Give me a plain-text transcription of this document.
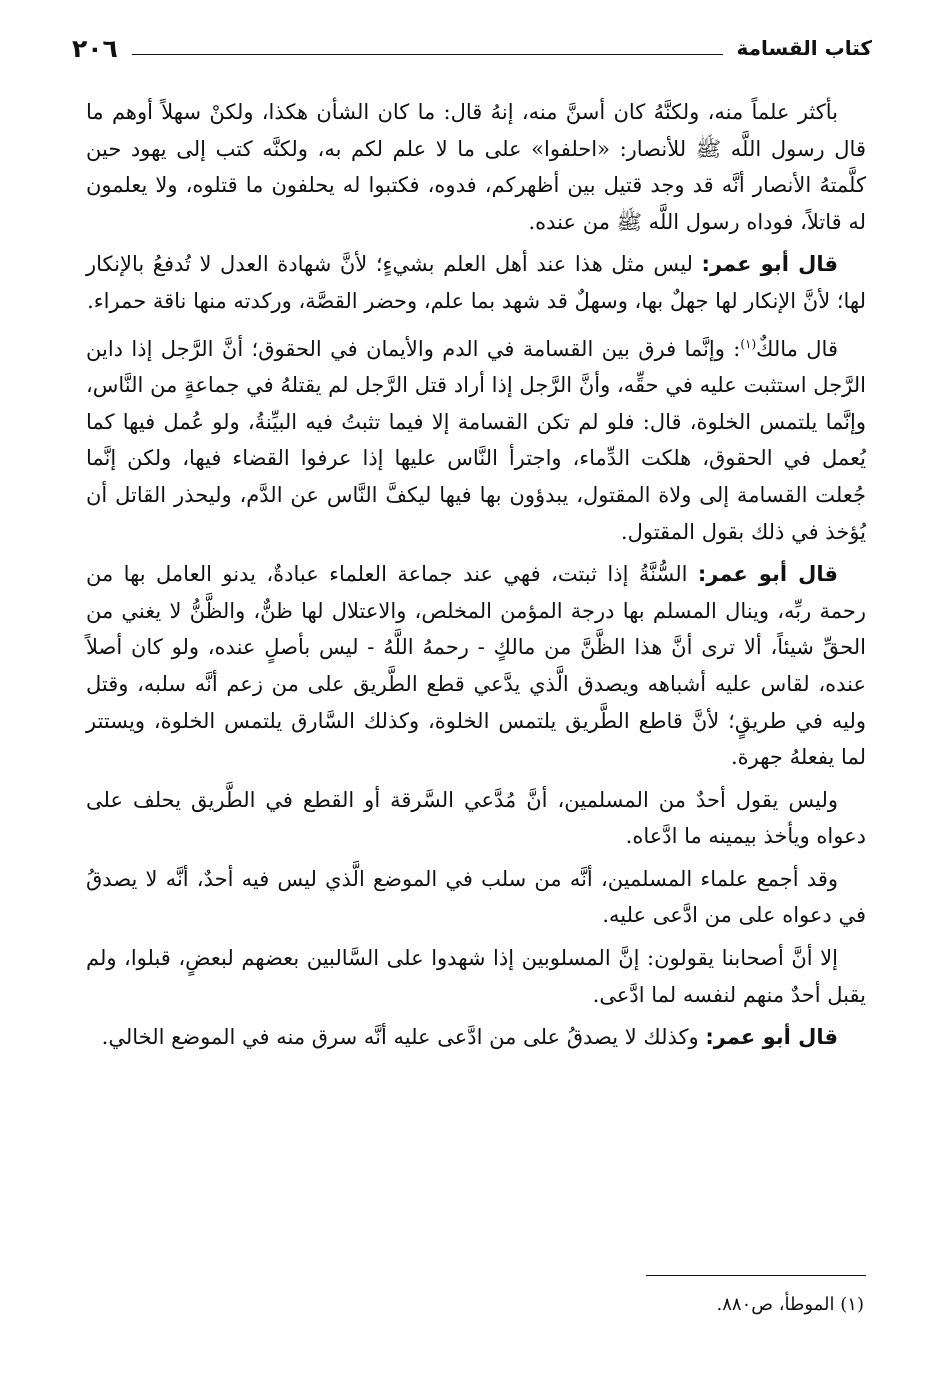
كتاب القسامة
٢٠٦

بأكثر علماً منه، ولكنَّهُ كان أسنَّ منه، إنهُ قال: ما كان الشأن هكذا، ولكنْ سهلاً أوهم ما قال رسول اللَّه ﷺ للأنصار: «احلفوا» على ما لا علم لكم به، ولكنَّه كتب إلى يهود حين كلَّمتهُ الأنصار أنَّه قد وجد قتيل بين أظهركم، فدوه، فكتبوا له يحلفون ما قتلوه، ولا يعلمون له قاتلاً، فوداه رسول اللَّه ﷺ من عنده.

قال أبو عمر: ليس مثل هذا عند أهل العلم بشيءٍ؛ لأنَّ شهادة العدل لا تُدفعُ بالإنكار لها؛ لأنَّ الإنكار لها جهلٌ بها، وسهلٌ قد شهد بما علم، وحضر القصَّة، وركدته منها ناقة حمراء.

قال مالكٌ$^{(١)}$: وإنَّما فرق بين القسامة في الدم والأيمان في الحقوق؛ أنَّ الرَّجل إذا داين الرَّجل استثبت عليه في حقِّه، وأنَّ الرَّجل إذا أراد قتل الرَّجل لم يقتلهُ في جماعةٍ من النَّاس، وإنَّما يلتمس الخلوة، قال: فلو لم تكن القسامة إلا فيما تثبتُ فيه البيِّنةُ، ولو عُمل فيها كما يُعمل في الحقوق، هلكت الدِّماء، واجترأ النَّاس عليها إذا عرفوا القضاء فيها، ولكن إنَّما جُعلت القسامة إلى ولاة المقتول، يبدؤون بها فيها ليكفَّ النَّاس عن الدَّم، وليحذر القاتل أن يُؤخذ في ذلك بقول المقتول.

قال أبو عمر: السُّنَّةُ إذا ثبتت، فهي عند جماعة العلماء عبادةٌ، يدنو العامل بها من رحمة ربِّه، وينال المسلم بها درجة المؤمن المخلص، والاعتلال لها ظنٌّ، والظَّنُّ لا يغني من الحقِّ شيئاً، ألا ترى أنَّ هذا الظَّنَّ من مالكٍ - رحمهُ اللَّهُ - ليس بأصلٍ عنده، ولو كان أصلاً عنده، لقاس عليه أشباهه ويصدق الَّذي يدَّعي قطع الطَّريق على من زعم أنَّه سلبه، وقتل وليه في طريقٍ؛ لأنَّ قاطع الطَّريق يلتمس الخلوة، وكذلك السَّارق يلتمس الخلوة، ويستتر لما يفعلهُ جهرة.

وليس يقول أحدٌ من المسلمين، أنَّ مُدَّعي السَّرقة أو القطع في الطَّريق يحلف على دعواه ويأخذ بيمينه ما ادَّعاه.

وقد أجمع علماء المسلمين، أنَّه من سلب في الموضع الَّذي ليس فيه أحدٌ، أنَّه لا يصدقُ في دعواه على من ادَّعى عليه.

إلا أنَّ أصحابنا يقولون: إنَّ المسلوبين إذا شهدوا على السَّالبين بعضهم لبعضٍ، قبلوا، ولم يقبل أحدٌ منهم لنفسه لما ادَّعى.

قال أبو عمر: وكذلك لا يصدقُ على من ادَّعى عليه أنَّه سرق منه في الموضع الخالي.

(١) الموطأ، ص٨٨٠.
